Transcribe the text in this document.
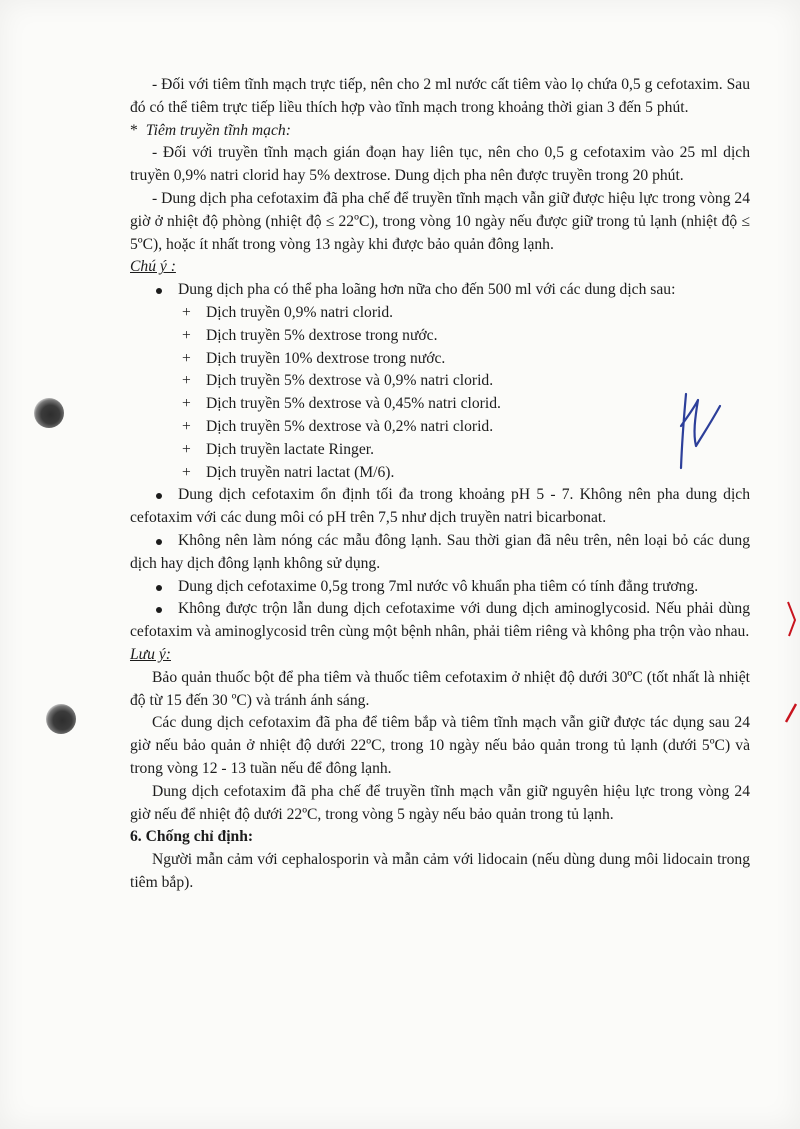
- Đối với tiêm tĩnh mạch trực tiếp, nên cho 2 ml nước cất tiêm vào lọ chứa 0,5 g cefotaxim. Sau đó có thể tiêm trực tiếp liều thích hợp vào tĩnh mạch trong khoảng thời gian 3 đến 5 phút.

* Tiêm truyền tĩnh mạch:

- Đối với truyền tĩnh mạch gián đoạn hay liên tục, nên cho 0,5 g cefotaxim vào 25 ml dịch truyền 0,9% natri clorid hay 5% dextrose. Dung dịch pha nên được truyền trong 20 phút.

- Dung dịch pha cefotaxim đã pha chế để truyền tĩnh mạch vẫn giữ được hiệu lực trong vòng 24 giờ ở nhiệt độ phòng (nhiệt độ ≤ 22ºC), trong vòng 10 ngày nếu được giữ trong tủ lạnh (nhiệt độ ≤ 5ºC), hoặc ít nhất trong vòng 13 ngày khi được bảo quản đông lạnh.

Chú ý :

Dung dịch pha có thể pha loãng hơn nữa cho đến 500 ml với các dung dịch sau:
+ Dịch truyền 0,9% natri clorid.
+ Dịch truyền 5% dextrose trong nước.
+ Dịch truyền 10% dextrose trong nước.
+ Dịch truyền 5% dextrose và 0,9% natri clorid.
+ Dịch truyền 5% dextrose và 0,45% natri clorid.
+ Dịch truyền 5% dextrose và 0,2% natri clorid.
+ Dịch truyền lactate Ringer.
+ Dịch truyền natri lactat (M/6).
Dung dịch cefotaxim ổn định tối đa trong khoảng pH 5 - 7. Không nên pha dung dịch cefotaxim với các dung môi có pH trên 7,5 như dịch truyền natri bicarbonat.
Không nên làm nóng các mẫu đông lạnh. Sau thời gian đã nêu trên, nên loại bỏ các dung dịch hay dịch đông lạnh không sử dụng.
Dung dịch cefotaxime 0,5g trong 7ml nước vô khuẩn pha tiêm có tính đẳng trương.
Không được trộn lẫn dung dịch cefotaxime với dung dịch aminoglycosid. Nếu phải dùng cefotaxim và aminoglycosid trên cùng một bệnh nhân, phải tiêm riêng và không pha trộn vào nhau.

Lưu ý:

Bảo quản thuốc bột để pha tiêm và thuốc tiêm cefotaxim ở nhiệt độ dưới 30ºC (tốt nhất là nhiệt độ từ 15 đến 30 ºC) và tránh ánh sáng.

Các dung dịch cefotaxim đã pha để tiêm bắp và tiêm tĩnh mạch vẫn giữ được tác dụng sau 24 giờ nếu bảo quản ở nhiệt độ dưới 22ºC, trong 10 ngày nếu bảo quản trong tủ lạnh (dưới 5ºC) và trong vòng 12 - 13 tuần nếu để đông lạnh.

Dung dịch cefotaxim đã pha chế để truyền tĩnh mạch vẫn giữ nguyên hiệu lực trong vòng 24 giờ nếu để nhiệt độ dưới 22ºC, trong vòng 5 ngày nếu bảo quản trong tủ lạnh.

6. Chống chỉ định:

Người mẫn cảm với cephalosporin và mẫn cảm với lidocain (nếu dùng dung môi lidocain trong tiêm bắp).
